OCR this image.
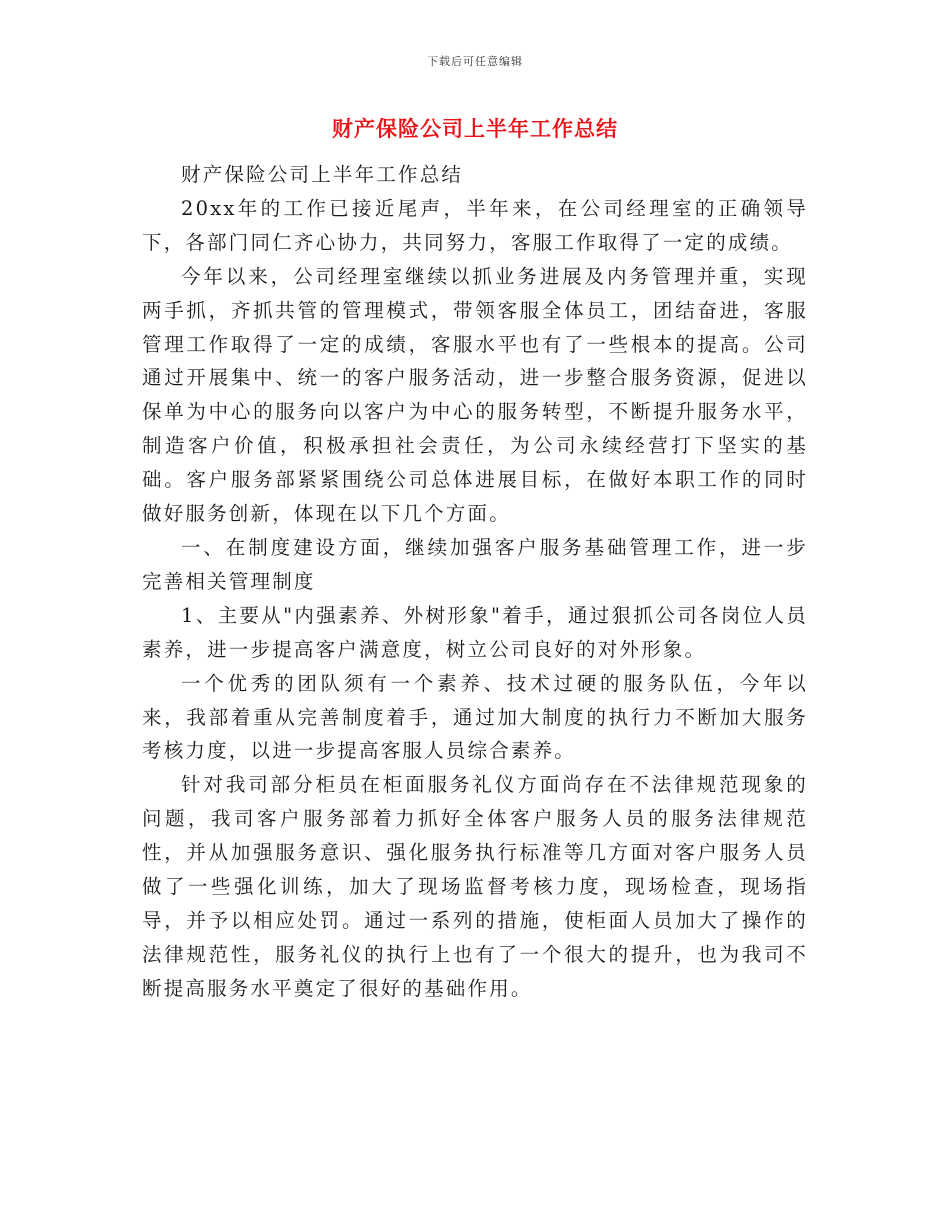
下载后可任意编辑
财产保险公司上半年工作总结

财产保险公司上半年工作总结

20xx年的工作已接近尾声，半年来，在公司经理室的正确领导下，各部门同仁齐心协力，共同努力，客服工作取得了一定的成绩。

今年以来，公司经理室继续以抓业务进展及内务管理并重，实现两手抓，齐抓共管的管理模式，带领客服全体员工，团结奋进，客服管理工作取得了一定的成绩，客服水平也有了一些根本的提高。公司通过开展集中、统一的客户服务活动，进一步整合服务资源，促进以保单为中心的服务向以客户为中心的服务转型，不断提升服务水平，制造客户价值，积极承担社会责任，为公司永续经营打下坚实的基础。客户服务部紧紧围绕公司总体进展目标，在做好本职工作的同时做好服务创新，体现在以下几个方面。

一、在制度建设方面，继续加强客户服务基础管理工作，进一步完善相关管理制度

1、主要从"内强素养、外树形象"着手，通过狠抓公司各岗位人员素养，进一步提高客户满意度，树立公司良好的对外形象。

一个优秀的团队须有一个素养、技术过硬的服务队伍，今年以来，我部着重从完善制度着手，通过加大制度的执行力不断加大服务考核力度，以进一步提高客服人员综合素养。

针对我司部分柜员在柜面服务礼仪方面尚存在不法律规范现象的问题，我司客户服务部着力抓好全体客户服务人员的服务法律规范性，并从加强服务意识、强化服务执行标准等几方面对客户服务人员做了一些强化训练，加大了现场监督考核力度，现场检查，现场指导，并予以相应处罚。通过一系列的措施，使柜面人员加大了操作的法律规范性，服务礼仪的执行上也有了一个很大的提升，也为我司不断提高服务水平奠定了很好的基础作用。
